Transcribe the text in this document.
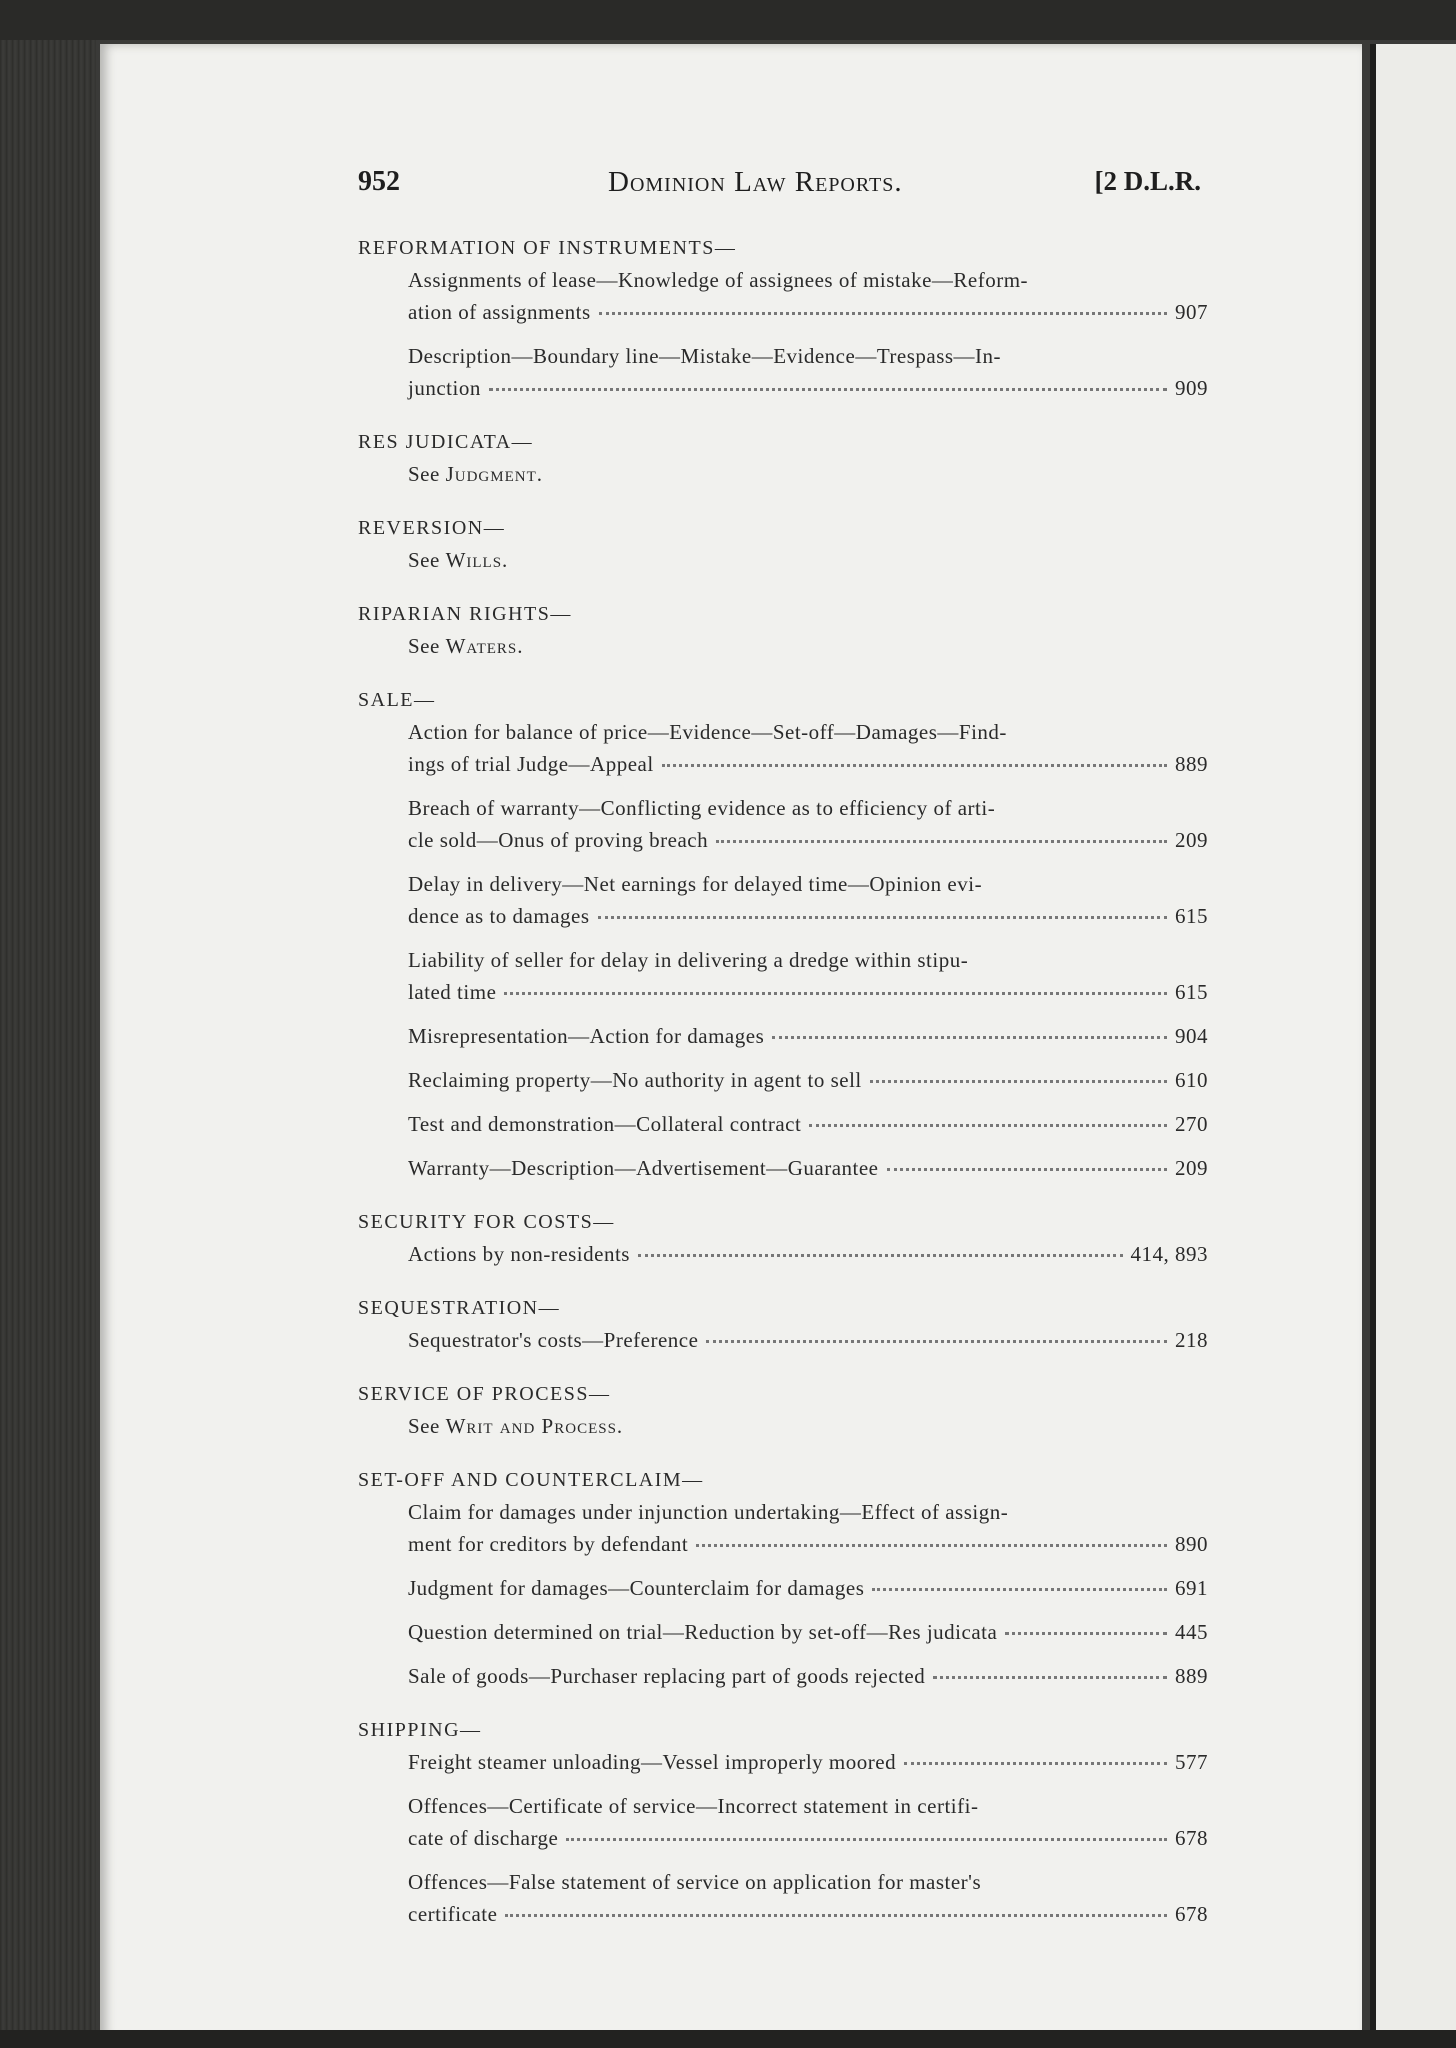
952	Dominion Law Reports.	[2 D.L.R.
REFORMATION OF INSTRUMENTS—
Assignments of lease—Knowledge of assignees of mistake—Reform-
ation of assignments	907
Description—Boundary line—Mistake—Evidence—Trespass—In-
junction	909
RES JUDICATA—
See Judgment.
REVERSION—
See Wills.
RIPARIAN RIGHTS—
See Waters.
SALE—
Action for balance of price—Evidence—Set-off—Damages—Find-
ings of trial Judge—Appeal	889
Breach of warranty—Conflicting evidence as to efficiency of arti-
cle sold—Onus of proving breach	209
Delay in delivery—Net earnings for delayed time—Opinion evi-
dence as to damages	615
Liability of seller for delay in delivering a dredge within stipu-
lated time	615
Misrepresentation—Action for damages	904
Reclaiming property—No authority in agent to sell	610
Test and demonstration—Collateral contract	270
Warranty—Description—Advertisement—Guarantee	209
SECURITY FOR COSTS—
Actions by non-residents	414, 893
SEQUESTRATION—
Sequestrator's costs—Preference	218
SERVICE OF PROCESS—
See Writ and Process.
SET-OFF AND COUNTERCLAIM—
Claim for damages under injunction undertaking—Effect of assign-
ment for creditors by defendant	890
Judgment for damages—Counterclaim for damages	691
Question determined on trial—Reduction by set-off—Res judicata	445
Sale of goods—Purchaser replacing part of goods rejected	889
SHIPPING—
Freight steamer unloading—Vessel improperly moored	577
Offences—Certificate of service—Incorrect statement in certifi-
cate of discharge	678
Offences—False statement of service on application for master's
certificate	678
